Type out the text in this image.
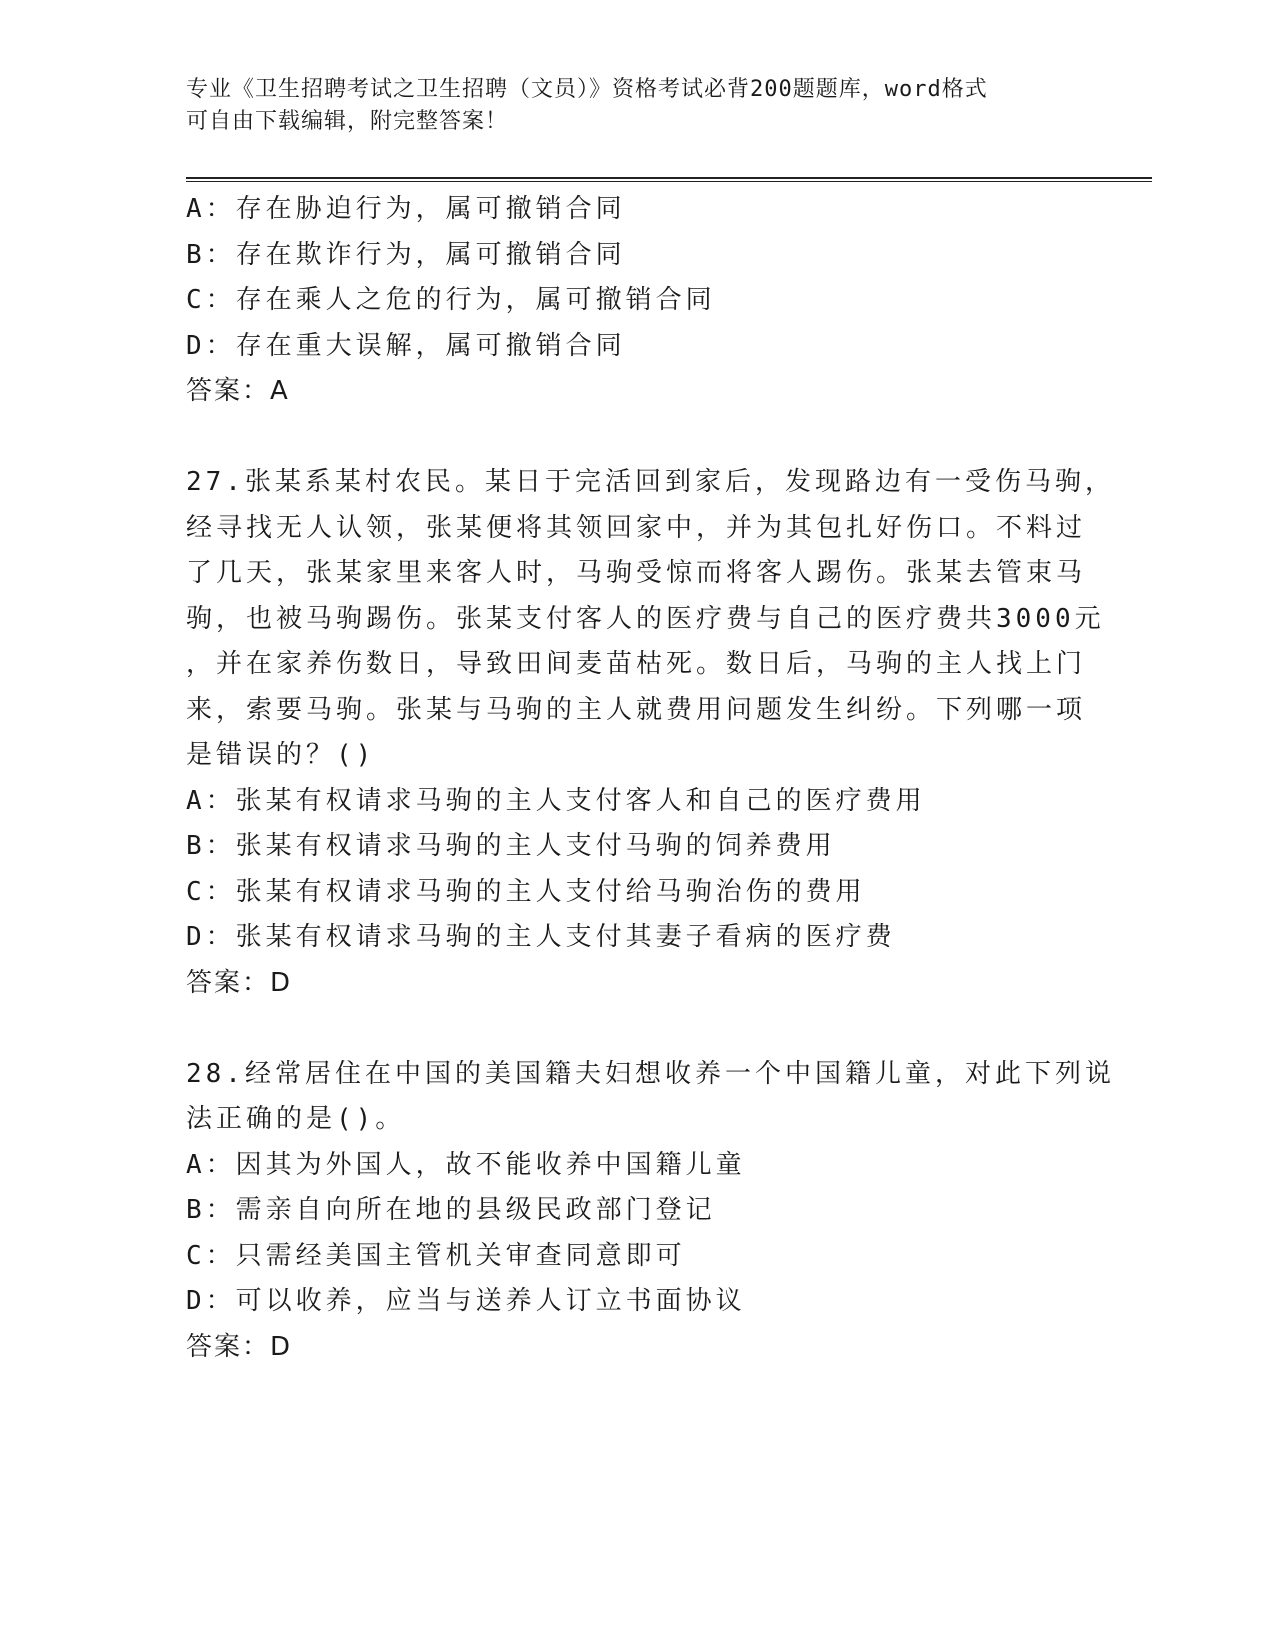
专业《卫生招聘考试之卫生招聘（文员）》资格考试必背200题题库，word格式
可自由下载编辑，附完整答案！
A：存在胁迫行为，属可撤销合同
B：存在欺诈行为，属可撤销合同
C：存在乘人之危的行为，属可撤销合同
D：存在重大误解，属可撤销合同
答案：A
27.张某系某村农民。某日于完活回到家后，发现路边有一受伤马驹，
经寻找无人认领，张某便将其领回家中，并为其包扎好伤口。不料过
了几天，张某家里来客人时，马驹受惊而将客人踢伤。张某去管束马
驹，也被马驹踢伤。张某支付客人的医疗费与自己的医疗费共3000元
，并在家养伤数日，导致田间麦苗枯死。数日后，马驹的主人找上门
来，索要马驹。张某与马驹的主人就费用问题发生纠纷。下列哪一项
是错误的？()
A：张某有权请求马驹的主人支付客人和自己的医疗费用
B：张某有权请求马驹的主人支付马驹的饲养费用
C：张某有权请求马驹的主人支付给马驹治伤的费用
D：张某有权请求马驹的主人支付其妻子看病的医疗费
答案：D
28.经常居住在中国的美国籍夫妇想收养一个中国籍儿童，对此下列说
法正确的是()。
A：因其为外国人，故不能收养中国籍儿童
B：需亲自向所在地的县级民政部门登记
C：只需经美国主管机关审查同意即可
D：可以收养，应当与送养人订立书面协议
答案：D
